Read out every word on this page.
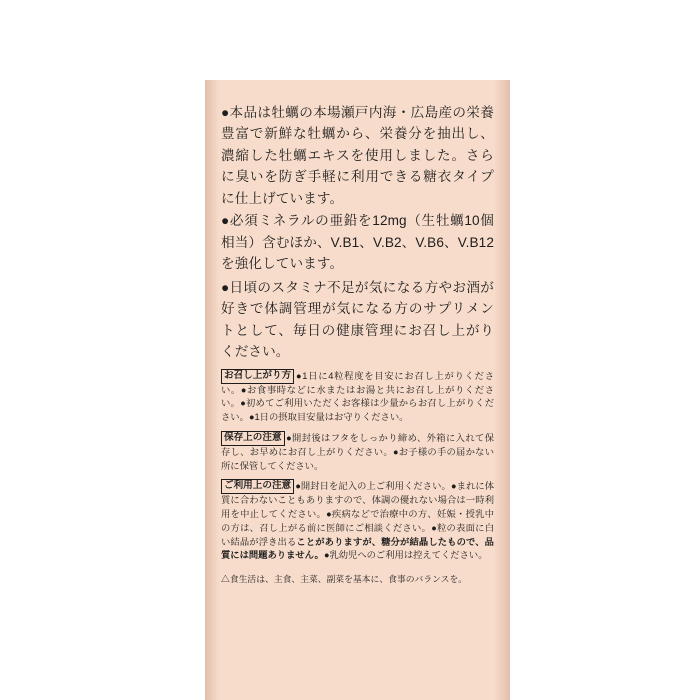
●本品は牡蠣の本場瀬戸内海・広島産の栄養豊富で新鮮な牡蠣から、栄養分を抽出し、濃縮した牡蠣エキスを使用しました。さらに臭いを防ぎ手軽に利用できる糖衣タイプに仕上げています。

●必須ミネラルの亜鉛を12mg（生牡蠣10個相当）含むほか、V.B1、V.B2、V.B6、V.B12を強化しています。

●日頃のスタミナ不足が気になる方やお酒が好きで体調管理が気になる方のサプリメントとして、毎日の健康管理にお召し上がりください。

お召し上がり方 ●1日に4粒程度を目安にお召し上がりください。●お食事時などに水またはお湯と共にお召し上がりください。●初めてご利用いただくお客様は少量からお召し上がりください。●1日の摂取目安量はお守りください。

保存上の注意 ●開封後はフタをしっかり締め、外箱に入れて保存し、お早めにお召し上がりください。●お子様の手の届かない所に保管してください。

ご利用上の注意 ●開封日を記入の上ご利用ください。●まれに体質に合わないこともありますので、体調の優れない場合は一時利用を中止してください。●疾病などで治療中の方、妊娠・授乳中の方は、召し上がる前に医師にご相談ください。●粒の表面に白い結晶が浮き出ることがありますが、糖分が結晶したもので、品質には問題ありません。●乳幼児へのご利用は控えてください。

△食生活は、主食、主菜、副菜を基本に、食事のバランスを。
